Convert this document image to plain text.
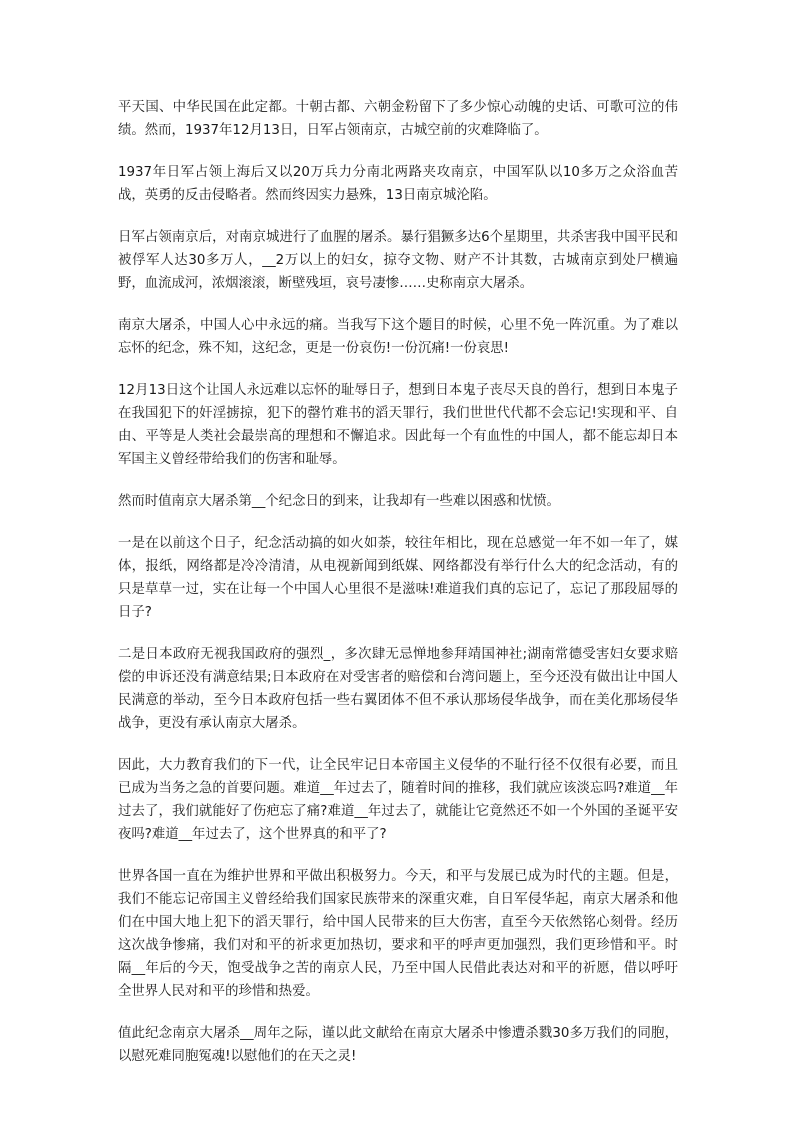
平天国、中华民国在此定都。十朝古都、六朝金粉留下了多少惊心动魄的史话、可歌可泣的伟绩。然而，1937年12月13日，日军占领南京，古城空前的灾难降临了。

1937年日军占领上海后又以20万兵力分南北两路夹攻南京，中国军队以10多万之众浴血苦战，英勇的反击侵略者。然而终因实力悬殊，13日南京城沦陷。

日军占领南京后，对南京城进行了血腥的屠杀。暴行猖獗多达6个星期里，共杀害我中国平民和被俘军人达30多万人，__2万以上的妇女，掠夺文物、财产不计其数，古城南京到处尸横遍野，血流成河，浓烟滚滚，断壁残垣，哀号凄惨……史称南京大屠杀。

南京大屠杀，中国人心中永远的痛。当我写下这个题目的时候，心里不免一阵沉重。为了难以忘怀的纪念，殊不知，这纪念，更是一份哀伤!一份沉痛!一份哀思!

12月13日这个让国人永远难以忘怀的耻辱日子，想到日本鬼子丧尽天良的兽行，想到日本鬼子在我国犯下的奸淫掳掠，犯下的罄竹难书的滔天罪行，我们世世代代都不会忘记!实现和平、自由、平等是人类社会最崇高的理想和不懈追求。因此每一个有血性的中国人，都不能忘却日本军国主义曾经带给我们的伤害和耻辱。

然而时值南京大屠杀第__个纪念日的到来，让我却有一些难以困惑和忧愤。

一是在以前这个日子，纪念活动搞的如火如荼，较往年相比，现在总感觉一年不如一年了，媒体，报纸，网络都是冷冷清清，从电视新闻到纸媒、网络都没有举行什么大的纪念活动，有的只是草草一过，实在让每一个中国人心里很不是滋味!难道我们真的忘记了，忘记了那段屈辱的日子?

二是日本政府无视我国政府的强烈_，多次肆无忌惮地参拜靖国神社;湖南常德受害妇女要求赔偿的申诉还没有满意结果;日本政府在对受害者的赔偿和台湾问题上，至今还没有做出让中国人民满意的举动，至今日本政府包括一些右翼团体不但不承认那场侵华战争，而在美化那场侵华战争，更没有承认南京大屠杀。

因此，大力教育我们的下一代，让全民牢记日本帝国主义侵华的不耻行径不仅很有必要，而且已成为当务之急的首要问题。难道__年过去了，随着时间的推移，我们就应该淡忘吗?难道__年过去了，我们就能好了伤疤忘了痛?难道__年过去了，就能让它竟然还不如一个外国的圣诞平安夜吗?难道__年过去了，这个世界真的和平了?

世界各国一直在为维护世界和平做出积极努力。今天，和平与发展已成为时代的主题。但是，我们不能忘记帝国主义曾经给我们国家民族带来的深重灾难，自日军侵华起，南京大屠杀和他们在中国大地上犯下的滔天罪行，给中国人民带来的巨大伤害，直至今天依然铭心刻骨。经历这次战争惨痛，我们对和平的祈求更加热切，要求和平的呼声更加强烈，我们更珍惜和平。时隔__年后的今天，饱受战争之苦的南京人民，乃至中国人民借此表达对和平的祈愿，借以呼吁全世界人民对和平的珍惜和热爱。

值此纪念南京大屠杀__周年之际，谨以此文献给在南京大屠杀中惨遭杀戮30多万我们的同胞，以慰死难同胞冤魂!以慰他们的在天之灵!
